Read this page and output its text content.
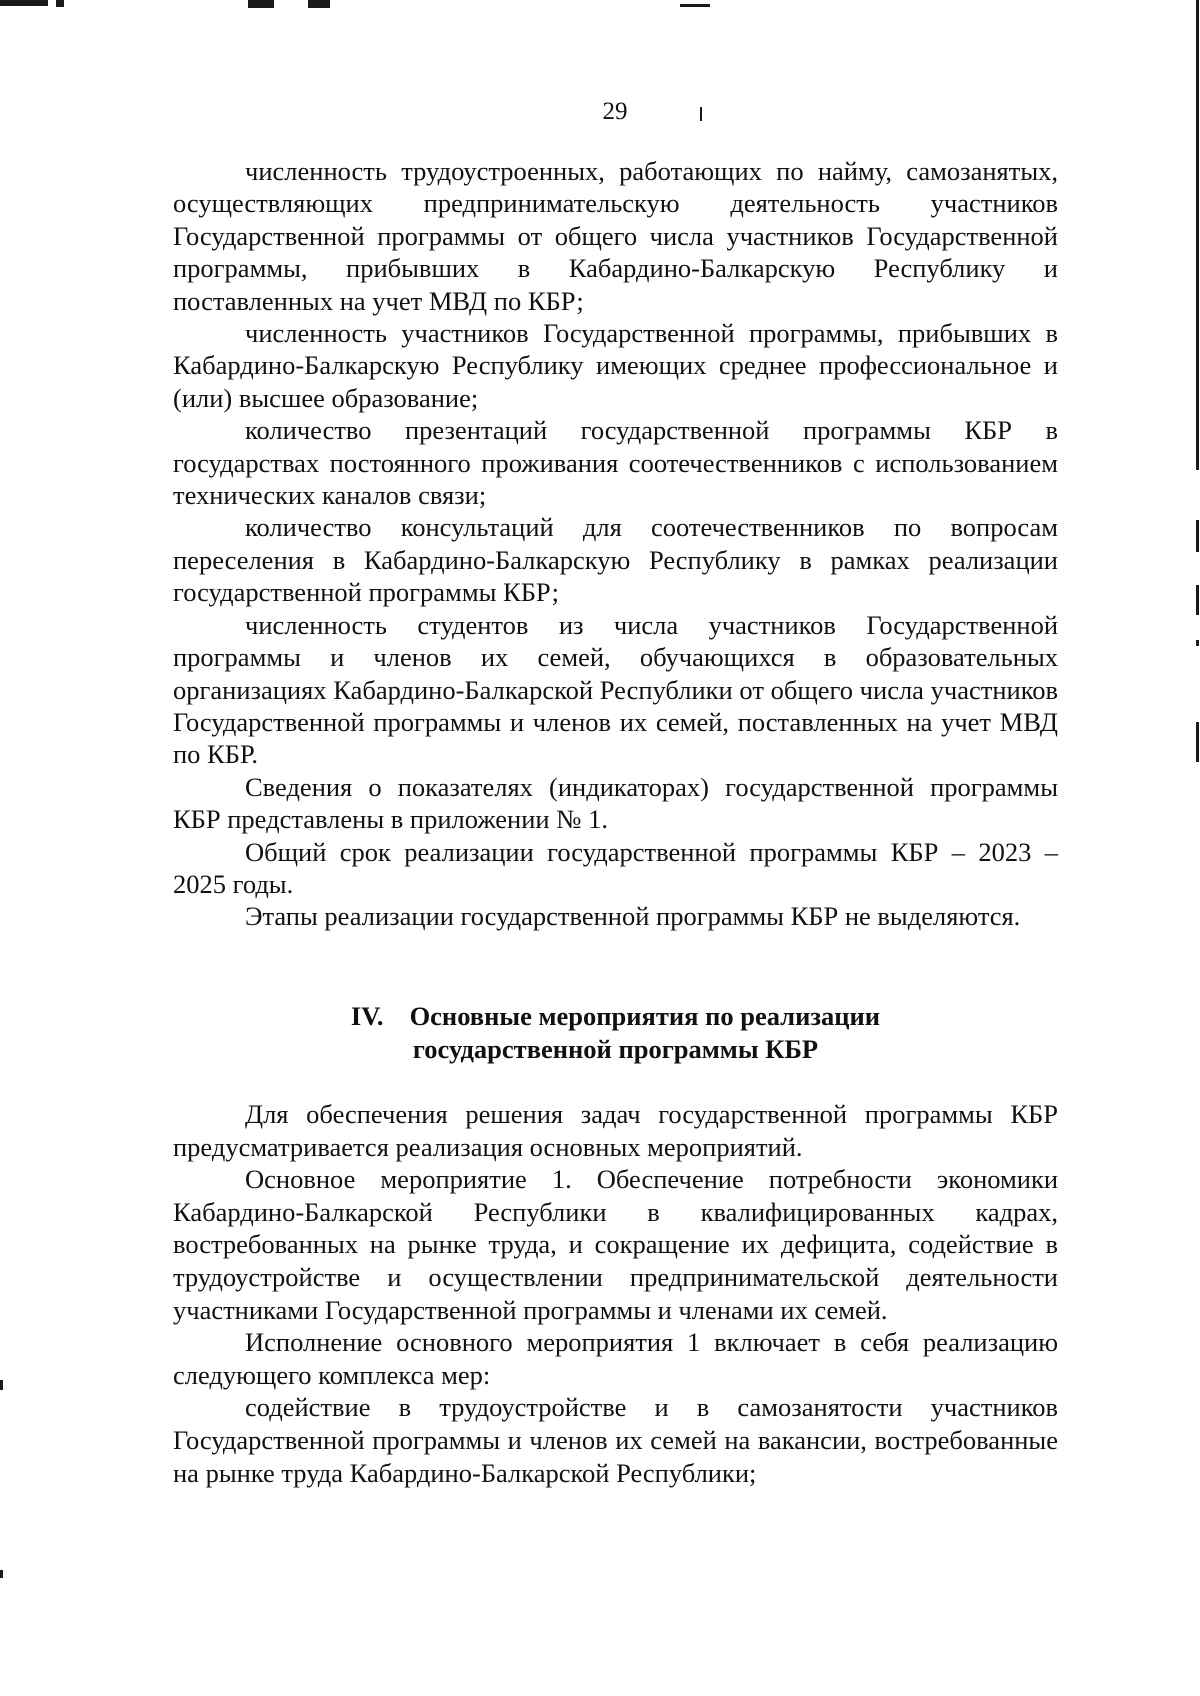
29

численность трудоустроенных, работающих по найму, самозанятых, осуществляющих предпринимательскую деятельность участников Государственной программы от общего числа участников Государственной программы, прибывших в Кабардино-Балкарскую Республику и поставленных на учет МВД по КБР;

численность участников Государственной программы, прибывших в Кабардино-Балкарскую Республику имеющих среднее профессиональное и (или) высшее образование;

количество презентаций государственной программы КБР в государствах постоянного проживания соотечественников с использованием технических каналов связи;

количество консультаций для соотечественников по вопросам переселения в Кабардино-Балкарскую Республику в рамках реализации государственной программы КБР;

численность студентов из числа участников Государственной программы и членов их семей, обучающихся в образовательных организациях Кабардино-Балкарской Республики от общего числа участников Государственной программы и членов их семей, поставленных на учет МВД по КБР.

Сведения о показателях (индикаторах) государственной программы КБР представлены в приложении № 1.

Общий срок реализации государственной программы КБР – 2023 – 2025 годы.

Этапы реализации государственной программы КБР не выделяются.

IV. Основные мероприятия по реализации
государственной программы КБР

Для обеспечения решения задач государственной программы КБР предусматривается реализация основных мероприятий.

Основное мероприятие 1. Обеспечение потребности экономики Кабардино-Балкарской Республики в квалифицированных кадрах, востребованных на рынке труда, и сокращение их дефицита, содействие в трудоустройстве и осуществлении предпринимательской деятельности участниками Государственной программы и членами их семей.

Исполнение основного мероприятия 1 включает в себя реализацию следующего комплекса мер:

содействие в трудоустройстве и в самозанятости участников Государственной программы и членов их семей на вакансии, востребованные на рынке труда Кабардино-Балкарской Республики;
